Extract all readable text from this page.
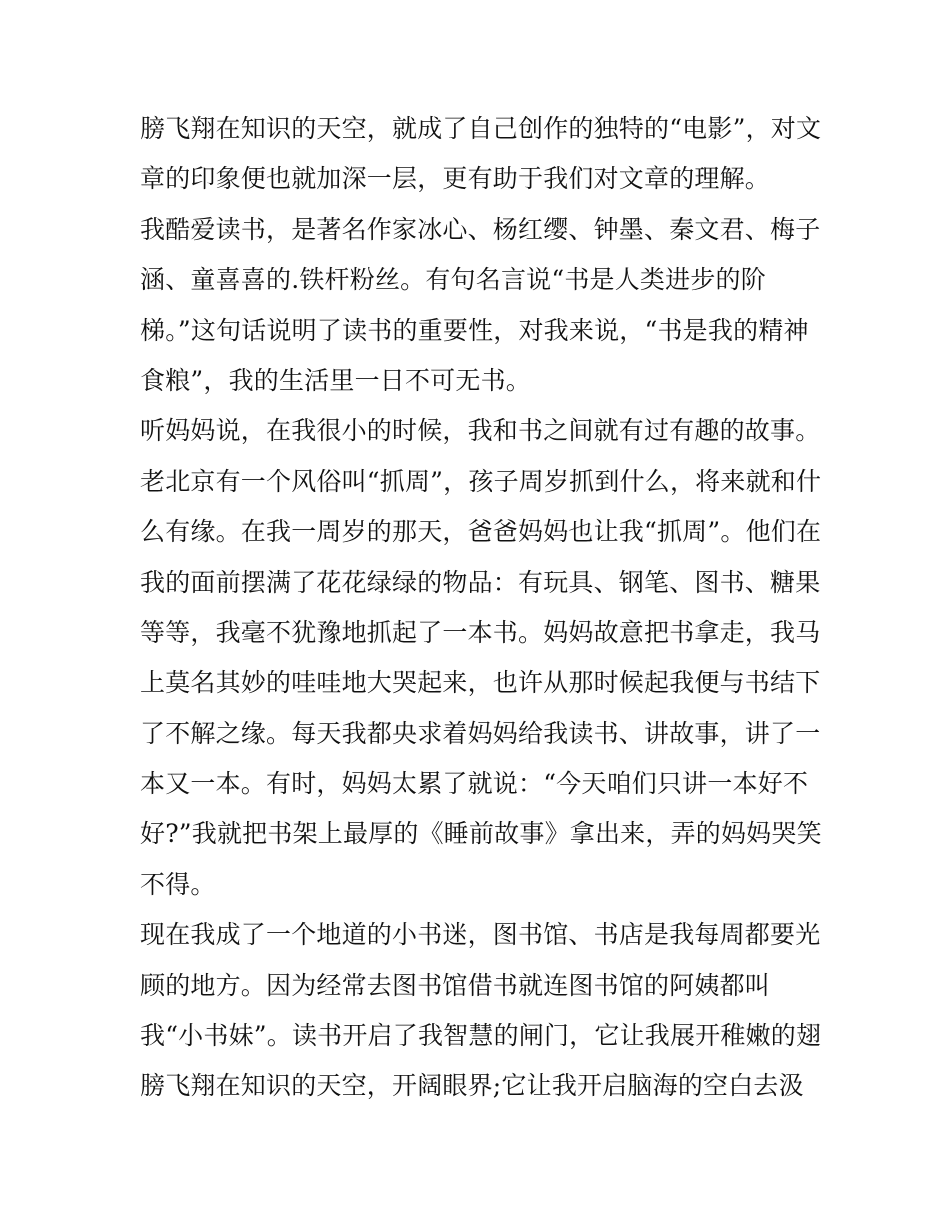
膀飞翔在知识的天空，就成了自己创作的独特的“电影”，对文
章的印象便也就加深一层，更有助于我们对文章的理解。
我酷爱读书，是著名作家冰心、杨红缨、钟墨、秦文君、梅子
涵、童喜喜的.铁杆粉丝。有句名言说“书是人类进步的阶
梯。”这句话说明了读书的重要性，对我来说，“书是我的精神
食粮”，我的生活里一日不可无书。
听妈妈说，在我很小的时候，我和书之间就有过有趣的故事。
老北京有一个风俗叫“抓周”，孩子周岁抓到什么，将来就和什
么有缘。在我一周岁的那天，爸爸妈妈也让我“抓周”。他们在
我的面前摆满了花花绿绿的物品：有玩具、钢笔、图书、糖果
等等，我毫不犹豫地抓起了一本书。妈妈故意把书拿走，我马
上莫名其妙的哇哇地大哭起来，也许从那时候起我便与书结下
了不解之缘。每天我都央求着妈妈给我读书、讲故事，讲了一
本又一本。有时，妈妈太累了就说：“今天咱们只讲一本好不
好?”我就把书架上最厚的《睡前故事》拿出来，弄的妈妈哭笑
不得。
现在我成了一个地道的小书迷，图书馆、书店是我每周都要光
顾的地方。因为经常去图书馆借书就连图书馆的阿姨都叫
我“小书妹”。读书开启了我智慧的闸门，它让我展开稚嫩的翅
膀飞翔在知识的天空，开阔眼界;它让我开启脑海的空白去汲
